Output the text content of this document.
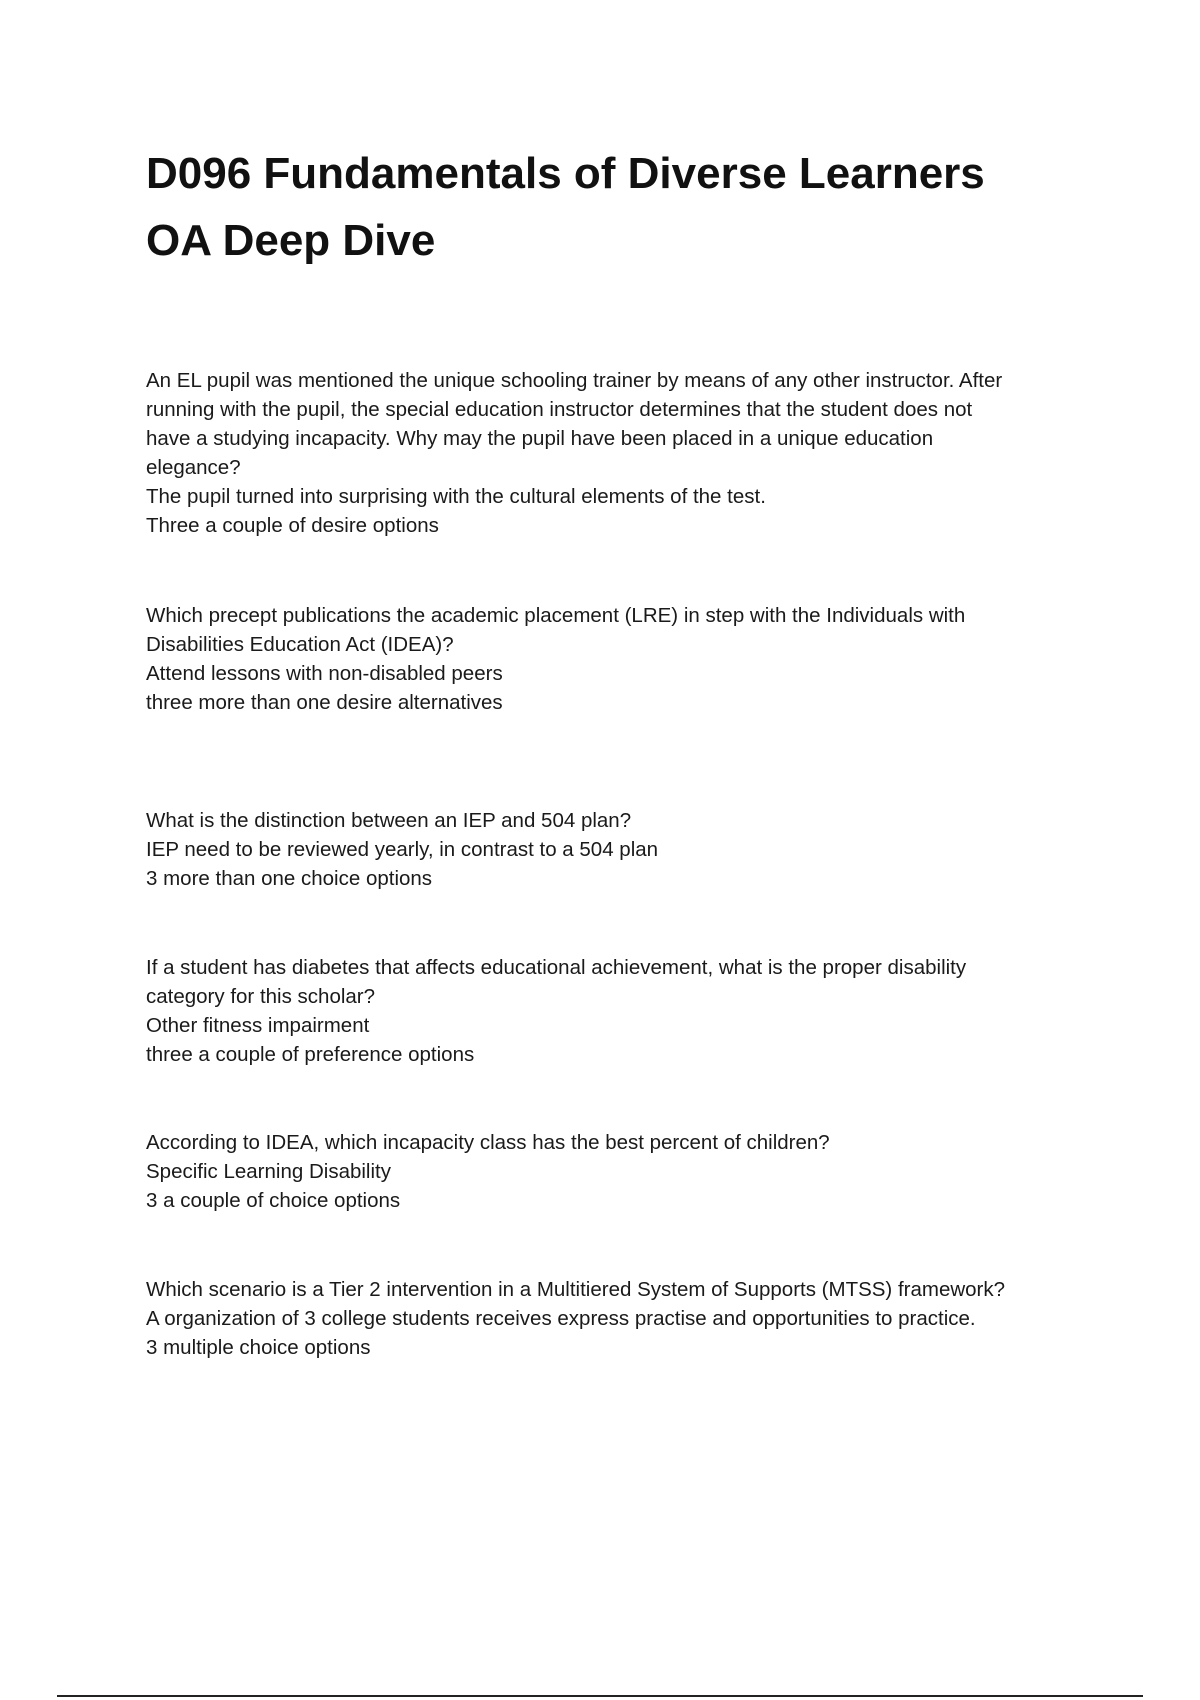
D096 Fundamentals of Diverse Learners
OA Deep Dive
An EL pupil was mentioned the unique schooling trainer by means of any other instructor. After
running with the pupil, the special education instructor determines that the student does not
have a studying incapacity. Why may the pupil have been placed in a unique education
elegance?
The pupil turned into surprising with the cultural elements of the test.
Three a couple of desire options
Which precept publications the academic placement (LRE) in step with the Individuals with
Disabilities Education Act (IDEA)?
Attend lessons with non-disabled peers
three more than one desire alternatives
What is the distinction between an IEP and 504 plan?
IEP need to be reviewed yearly, in contrast to a 504 plan
3 more than one choice options
If a student has diabetes that affects educational achievement, what is the proper disability
category for this scholar?
Other fitness impairment
three a couple of preference options
According to IDEA, which incapacity class has the best percent of children?
Specific Learning Disability
3 a couple of choice options
Which scenario is a Tier 2 intervention in a Multitiered System of Supports (MTSS) framework?
A organization of 3 college students receives express practise and opportunities to practice.
3 multiple choice options
